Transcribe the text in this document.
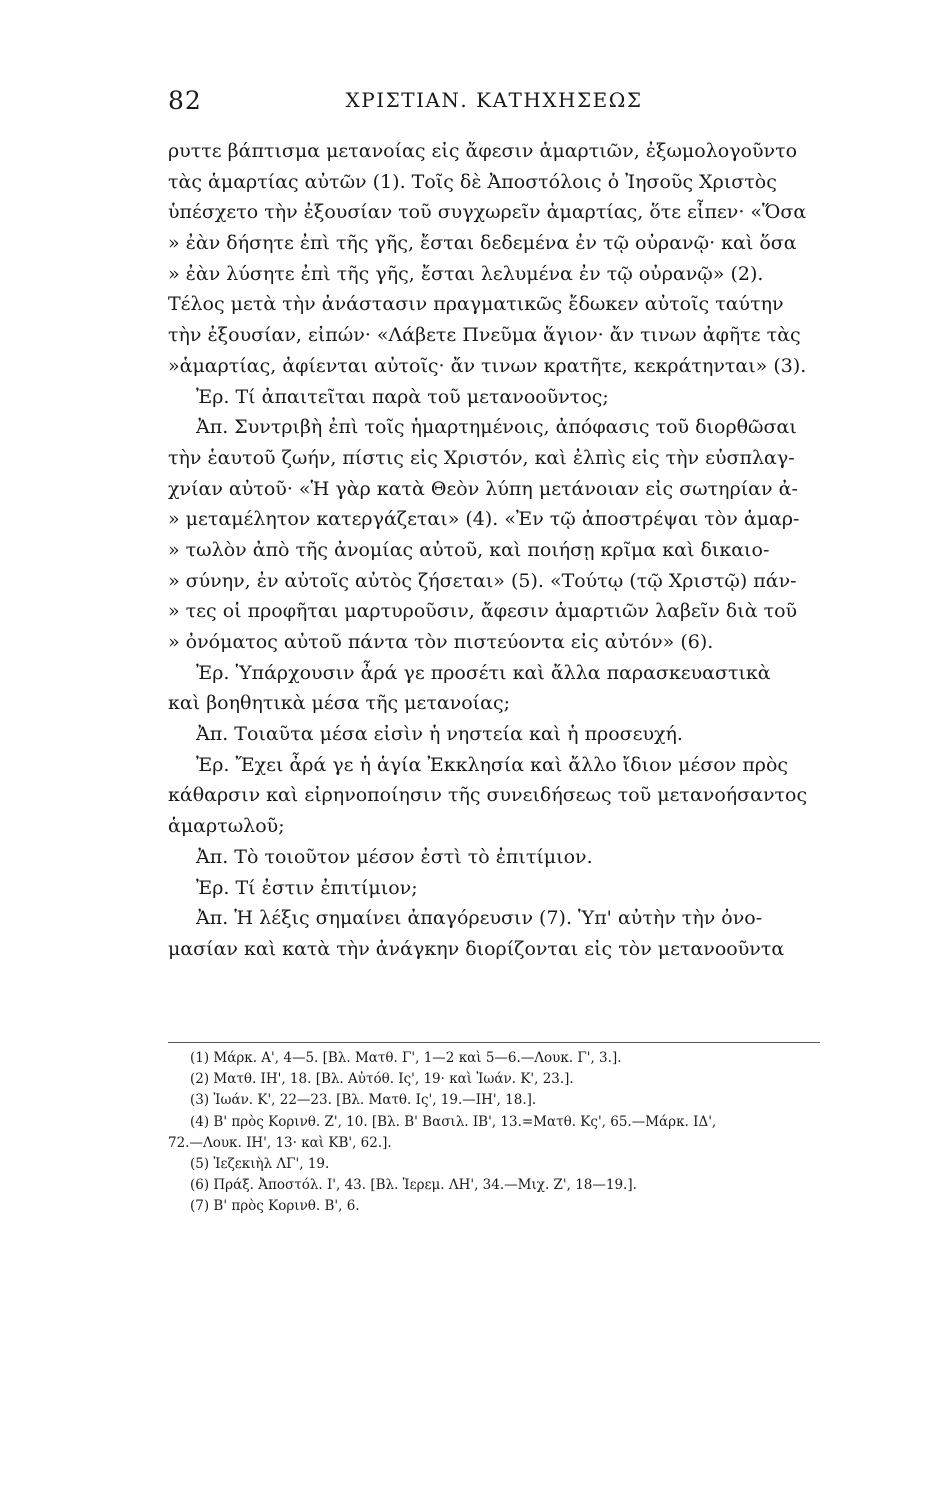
82	ΧΡΙΣΤΙΑΝ. ΚΑΤΗΧΗΣΕΩΣ
ρυττε βάπτισμα μετανοίας εἰς ἄφεσιν ἁμαρτιῶν, ἐξωμολογοῦντο
τὰς ἁμαρτίας αὐτῶν (1). Τοῖς δὲ Ἀποστόλοις ὁ Ἰησοῦς Χριστὸς
ὑπέσχετο τὴν ἐξουσίαν τοῦ συγχωρεῖν ἁμαρτίας, ὅτε εἶπεν· «Ὅσα
» ἐὰν δήσητε ἐπὶ τῆς γῆς, ἔσται δεδεμένα ἐν τῷ οὐρανῷ· καὶ ὅσα
» ἐὰν λύσητε ἐπὶ τῆς γῆς, ἔσται λελυμένα ἐν τῷ οὐρανῷ» (2).
Τέλος μετὰ τὴν ἀνάστασιν πραγματικῶς ἔδωκεν αὐτοῖς ταύτην
τὴν ἐξουσίαν, εἰπών· «Λάβετε Πνεῦμα ἅγιον· ἄν τινων ἀφῆτε τὰς
»ἁμαρτίας, ἀφίενται αὐτοῖς· ἄν τινων κρατῆτε, κεκράτηνται» (3).
Ἐρ. Τί ἀπαιτεῖται παρὰ τοῦ μετανοοῦντος;
Ἀπ. Συντριβὴ ἐπὶ τοῖς ἡμαρτημένοις, ἀπόφασις τοῦ διορθῶσαι
τὴν ἑαυτοῦ ζωήν, πίστις εἰς Χριστόν, καὶ ἐλπὶς εἰς τὴν εὐσπλαγ-
χνίαν αὐτοῦ· «Ἡ γὰρ κατὰ Θεὸν λύπη μετάνοιαν εἰς σωτηρίαν ἀ-
» μεταμέλητον κατεργάζεται» (4). «Ἐν τῷ ἀποστρέψαι τὸν ἁμαρ-
» τωλὸν ἀπὸ τῆς ἀνομίας αὐτοῦ, καὶ ποιήσῃ κρῖμα καὶ δικαιο-
» σύνην, ἐν αὐτοῖς αὐτὸς ζήσεται» (5). «Τούτῳ (τῷ Χριστῷ) πάν-
» τες οἱ προφῆται μαρτυροῦσιν, ἄφεσιν ἁμαρτιῶν λαβεῖν διὰ τοῦ
» ὀνόματος αὐτοῦ πάντα τὸν πιστεύοντα εἰς αὐτόν» (6).
Ἐρ. Ὑπάρχουσιν ἆρά γε προσέτι καὶ ἄλλα παρασκευαστικὰ
καὶ βοηθητικὰ μέσα τῆς μετανοίας;
Ἀπ. Τοιαῦτα μέσα εἰσὶν ἡ νηστεία καὶ ἡ προσευχή.
Ἐρ. Ἔχει ἆρά γε ἡ ἁγία Ἐκκλησία καὶ ἄλλο ἴδιον μέσον πρὸς
κάθαρσιν καὶ εἰρηνοποίησιν τῆς συνειδήσεως τοῦ μετανοήσαντος
ἁμαρτωλοῦ;
Ἀπ. Τὸ τοιοῦτον μέσον ἐστὶ τὸ ἐπιτίμιον.
Ἐρ. Τί ἐστιν ἐπιτίμιον;
Ἀπ. Ἡ λέξις σημαίνει ἀπαγόρευσιν (7). Ὑπ' αὐτὴν τὴν ὀνο-
μασίαν καὶ κατὰ τὴν ἀνάγκην διορίζονται εἰς τὸν μετανοοῦντα
(1) Μάρκ. Α', 4—5. [Βλ. Ματθ. Γ', 1—2 καὶ 5—6.—Λουκ. Γ', 3.].
(2) Ματθ. ΙΗ', 18. [Βλ. Αὐτόθ. Ις', 19· καὶ Ἰωάν. Κ', 23.].
(3) Ἰωάν. Κ', 22—23. [Βλ. Ματθ. Ις', 19.—ΙΗ', 18.].
(4) Β' πρὸς Κορινθ. Ζ', 10. [Βλ. Β' Βασιλ. ΙΒ', 13.=Ματθ. Κς', 65.—Μάρκ. ΙΔ',
72.—Λουκ. ΙΗ', 13· καὶ ΚΒ', 62.].
(5) Ἰεζεκιὴλ ΛΓ', 19.
(6) Πράξ. Ἀποστόλ. Ι', 43. [Βλ. Ἱερεμ. ΛΗ', 34.—Μιχ. Ζ', 18—19.].
(7) Β' πρὸς Κορινθ. Β', 6.
